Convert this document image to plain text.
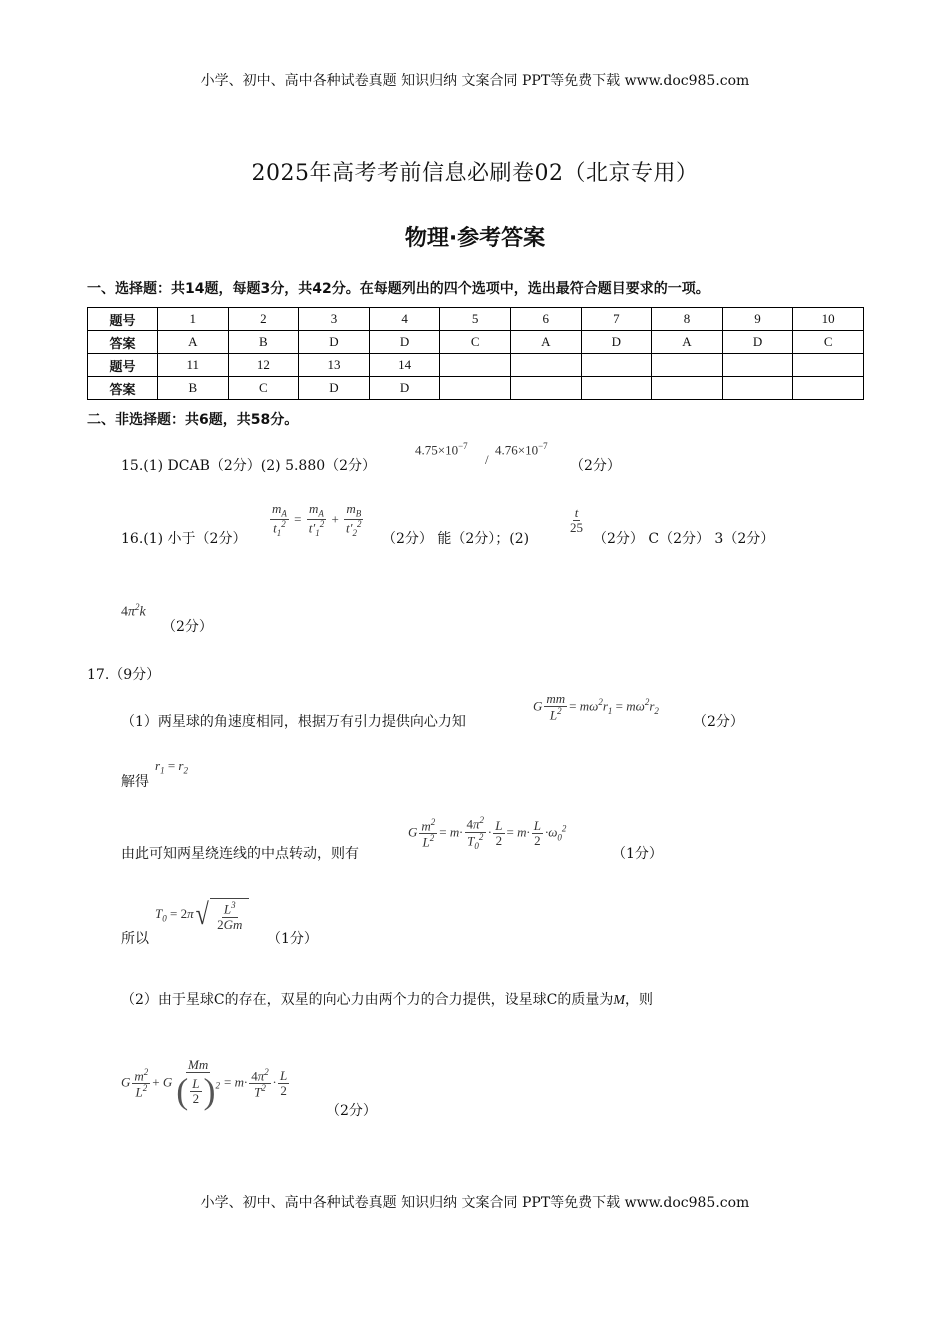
小学、初中、高中各种试卷真题 知识归纳 文案合同 PPT等免费下载 www.doc985.com
2025年高考考前信息必刷卷02（北京专用）
物理·参考答案
一、选择题：共14题，每题3分，共42分。在每题列出的四个选项中，选出最符合题目要求的一项。
题号	1	2	3	4	5	6	7	8	9	10
答案	A	B	D	D	C	A	D	A	D	C
题号	11	12	13	14						
答案	B	C	D	D						
二、非选择题：共6题，共58分。
15.(1) DCAB（2分）(2) 5.880（2分）
$4.75\times 10^{-7}$
/
$4.76\times 10^{-7}$
（2分）
16.(1) 小于（2分） $\frac{m_A}{t_1^2} = \frac{m_A}{t'_1^2} + \frac{m_B}{t'_2^2} (2$分） 能（2分）；(2)
$\frac{t}{25}$
（2分） C（2分） 3（2分）
$4\pi^2k$
（2分）
17.（9分）
（1）两星球的角速度相同，根据万有引力提供向心力知
G $\frac{mm}{L^2} = m\omega^2r_1 = m\omega^2r_2$
（2分）
解得
$r_1 = r_2$
由此可知两星绕连线的中点转动，则有
G $\frac{m^2}{L^2} = m\cdot \frac{4\pi^2}{T_0^2} \cdot \frac{L}{2} = m\cdot \frac{L}{2} \cdot\omega_0^2$
（1分）
所以
$T_0 = 2\pi$ √ $\frac{L^3}{2Gm}$
（1分）
（2）由于星球C的存在，双星的向心力由两个力的合力提供，设星球C的质量为M，则
G $\frac{m^2}{L^2} + G \frac{Mm}{( \frac{L}{2} ) ^2} = m\cdot \frac{4\pi^2}{T^2} \cdot \frac{L}{2}$
（2分）
小学、初中、高中各种试卷真题 知识归纳 文案合同 PPT等免费下载 www.doc985.com
